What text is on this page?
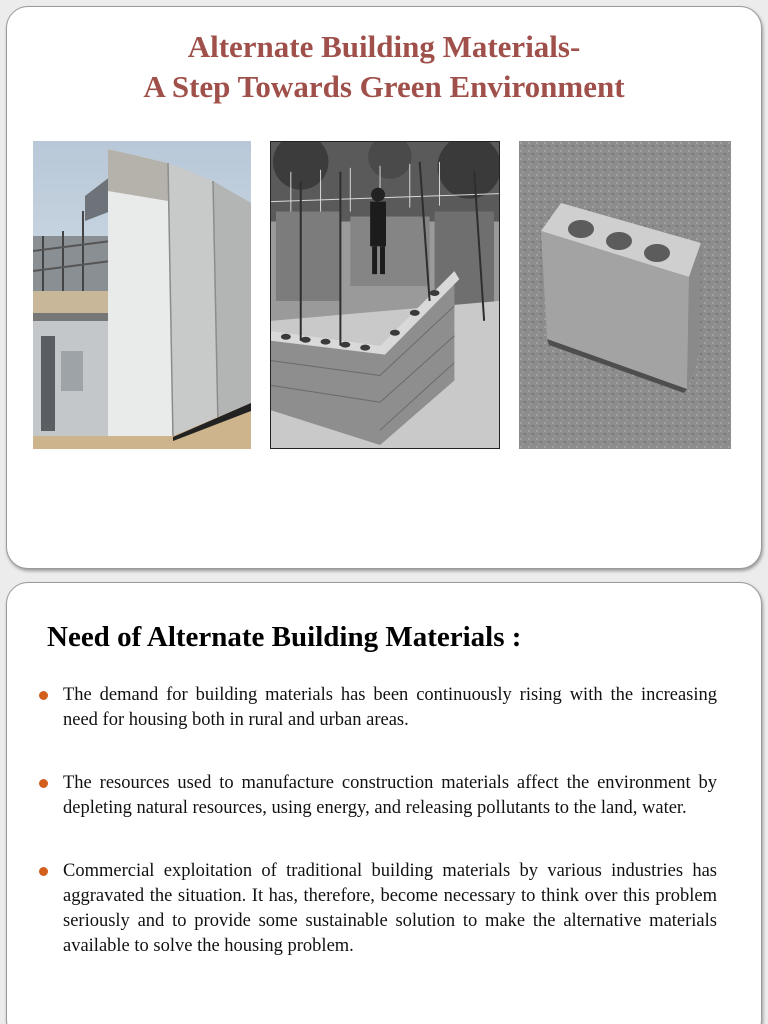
Alternate Building Materials-
A Step Towards Green Environment
Need of Alternate Building Materials :
The demand for building materials has been continuously rising with the increasing need for housing both in rural and urban areas.
The resources used to manufacture construction materials affect the environment by depleting natural resources, using energy, and releasing pollutants to the land, water.
Commercial exploitation of traditional building materials by various industries has aggravated the situation. It has, therefore, become necessary to think over this problem seriously and to provide some sustainable solution to make the alternative materials available to solve the housing problem.
